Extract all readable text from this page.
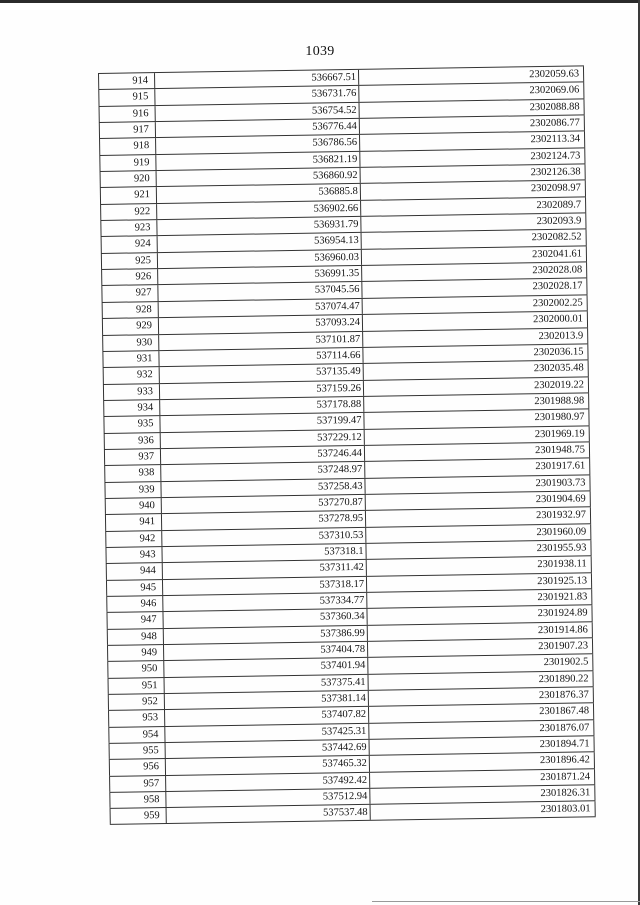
1039
914	536667.51	2302059.63
915	536731.76	2302069.06
916	536754.52	2302088.88
917	536776.44	2302086.77
918	536786.56	2302113.34
919	536821.19	2302124.73
920	536860.92	2302126.38
921	536885.8	2302098.97
922	536902.66	2302089.7
923	536931.79	2302093.9
924	536954.13	2302082.52
925	536960.03	2302041.61
926	536991.35	2302028.08
927	537045.56	2302028.17
928	537074.47	2302002.25
929	537093.24	2302000.01
930	537101.87	2302013.9
931	537114.66	2302036.15
932	537135.49	2302035.48
933	537159.26	2302019.22
934	537178.88	2301988.98
935	537199.47	2301980.97
936	537229.12	2301969.19
937	537246.44	2301948.75
938	537248.97	2301917.61
939	537258.43	2301903.73
940	537270.87	2301904.69
941	537278.95	2301932.97
942	537310.53	2301960.09
943	537318.1	2301955.93
944	537311.42	2301938.11
945	537318.17	2301925.13
946	537334.77	2301921.83
947	537360.34	2301924.89
948	537386.99	2301914.86
949	537404.78	2301907.23
950	537401.94	2301902.5
951	537375.41	2301890.22
952	537381.14	2301876.37
953	537407.82	2301867.48
954	537425.31	2301876.07
955	537442.69	2301894.71
956	537465.32	2301896.42
957	537492.42	2301871.24
958	537512.94	2301826.31
959	537537.48	2301803.01
